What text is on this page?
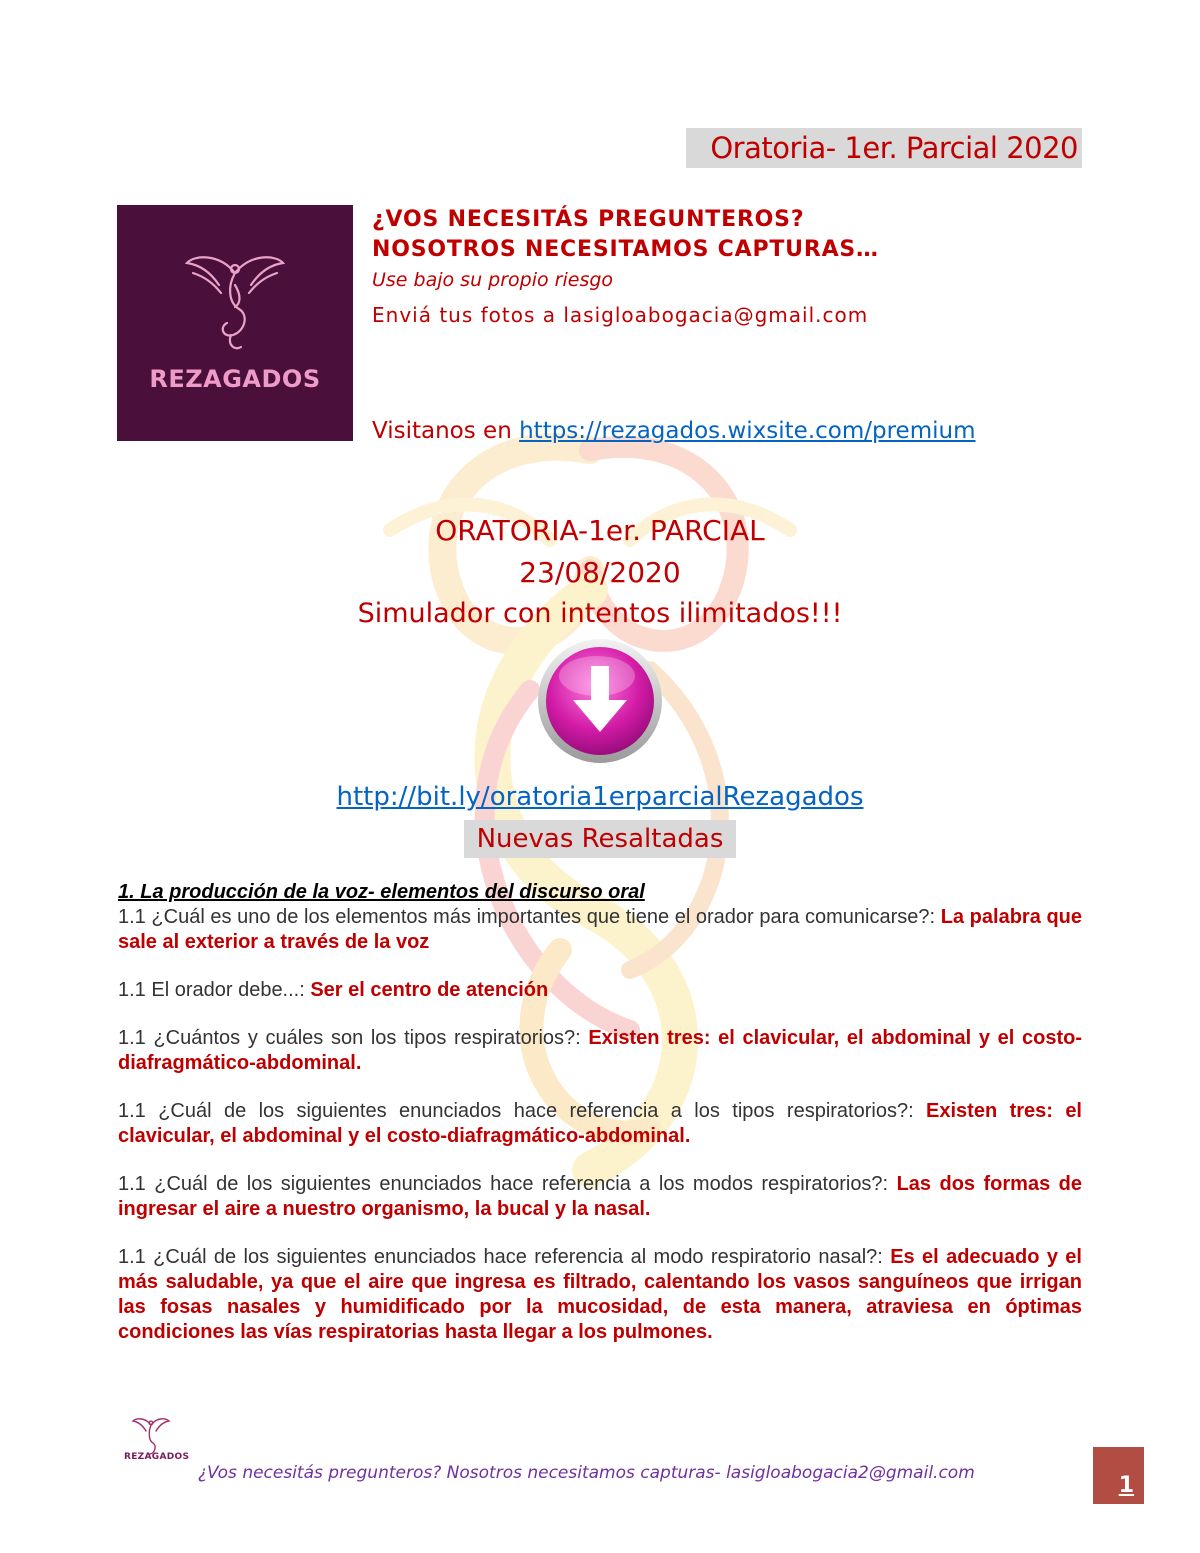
Oratoria- 1er. Parcial 2020
REZAGADOS
¿VOS NECESITÁS PREGUNTEROS?
NOSOTROS NECESITAMOS CAPTURAS…
Use bajo su propio riesgo
Enviá tus fotos a lasigloabogacia@gmail.com
Visitanos en https://rezagados.wixsite.com/premium
ORATORIA-1er. PARCIAL
23/08/2020
Simulador con intentos ilimitados!!!
http://bit.ly/oratoria1erparcialRezagados
Nuevas Resaltadas
1. La producción de la voz- elementos del discurso oral

1.1 ¿Cuál es uno de los elementos más importantes que tiene el orador para comunicarse?: La palabra que sale al exterior a través de la voz

1.1 El orador debe...: Ser el centro de atención

1.1 ¿Cuántos y cuáles son los tipos respiratorios?: Existen tres: el clavicular, el abdominal y el costo-diafragmático-abdominal.

1.1 ¿Cuál de los siguientes enunciados hace referencia a los tipos respiratorios?: Existen tres: el clavicular, el abdominal y el costo-diafragmático-abdominal.

1.1 ¿Cuál de los siguientes enunciados hace referencia a los modos respiratorios?: Las dos formas de ingresar el aire a nuestro organismo, la bucal y la nasal.

1.1 ¿Cuál de los siguientes enunciados hace referencia al modo respiratorio nasal?: Es el adecuado y el más saludable, ya que el aire que ingresa es filtrado, calentando los vasos sanguíneos que irrigan las fosas nasales y humidificado por la mucosidad, de esta manera, atraviesa en óptimas condiciones las vías respiratorias hasta llegar a los pulmones.

REZAGADOS
¿Vos necesitás pregunteros? Nosotros necesitamos capturas- lasigloabogacia2@gmail.com	1
